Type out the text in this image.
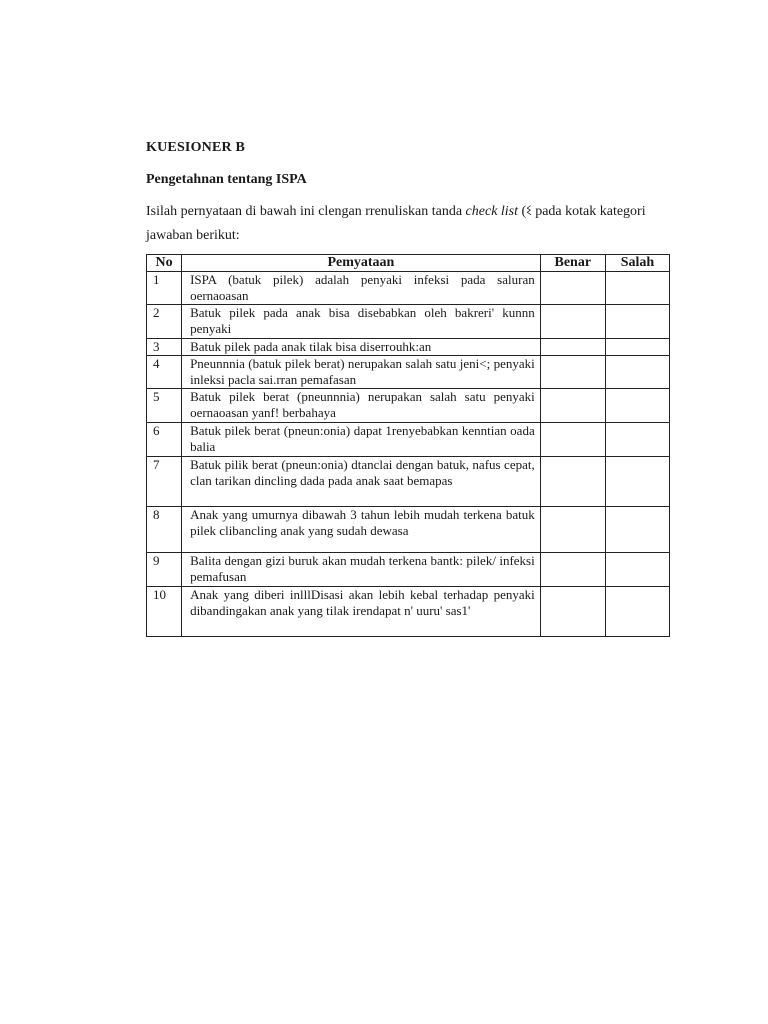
KUESIONER B

Pengetahnan tentang ISPA

Isilah pernyataan di bawah ini clengan rrenuliskan tanda check list (ଽ pada kotak kategori jawaban berikut:
No	Pemyataan	Benar	Salah
1	ISPA (batuk pilek) adalah penyaki infeksi pada saluran oernaoasan		
2	Batuk pilek pada anak bisa disebabkan oleh bakreri' kunnn penyaki		
3	Batuk pilek pada anak tilak bisa diserrouhk:an		
4	Pneunnnia (batuk pilek berat) nerupakan salah satu jeni<; penyaki inleksi pacla sai.rran pemafasan		
5	Batuk pilek berat (pneunnnia) nerupakan salah satu penyaki oernaoasan yanf! berbahaya		
6	Batuk pilek berat (pneun:onia) dapat 1renyebabkan kenntian oada balia		
7	Batuk pilik berat (pneun:onia) dtanclai dengan batuk, nafus cepat, clan tarikan dincling dada pada anak saat bemapas		
8	Anak yang umurnya dibawah 3 tahun lebih mudah terkena batuk pilek clibancling anak yang sudah dewasa		
9	Balita dengan gizi buruk akan mudah terkena bantk: pilek/ infeksi pemafusan		
10	Anak yang diberi inlllDisasi akan lebih kebal terhadap penyaki dibandingakan anak yang tilak irendapat n' uuru' sas1'		
